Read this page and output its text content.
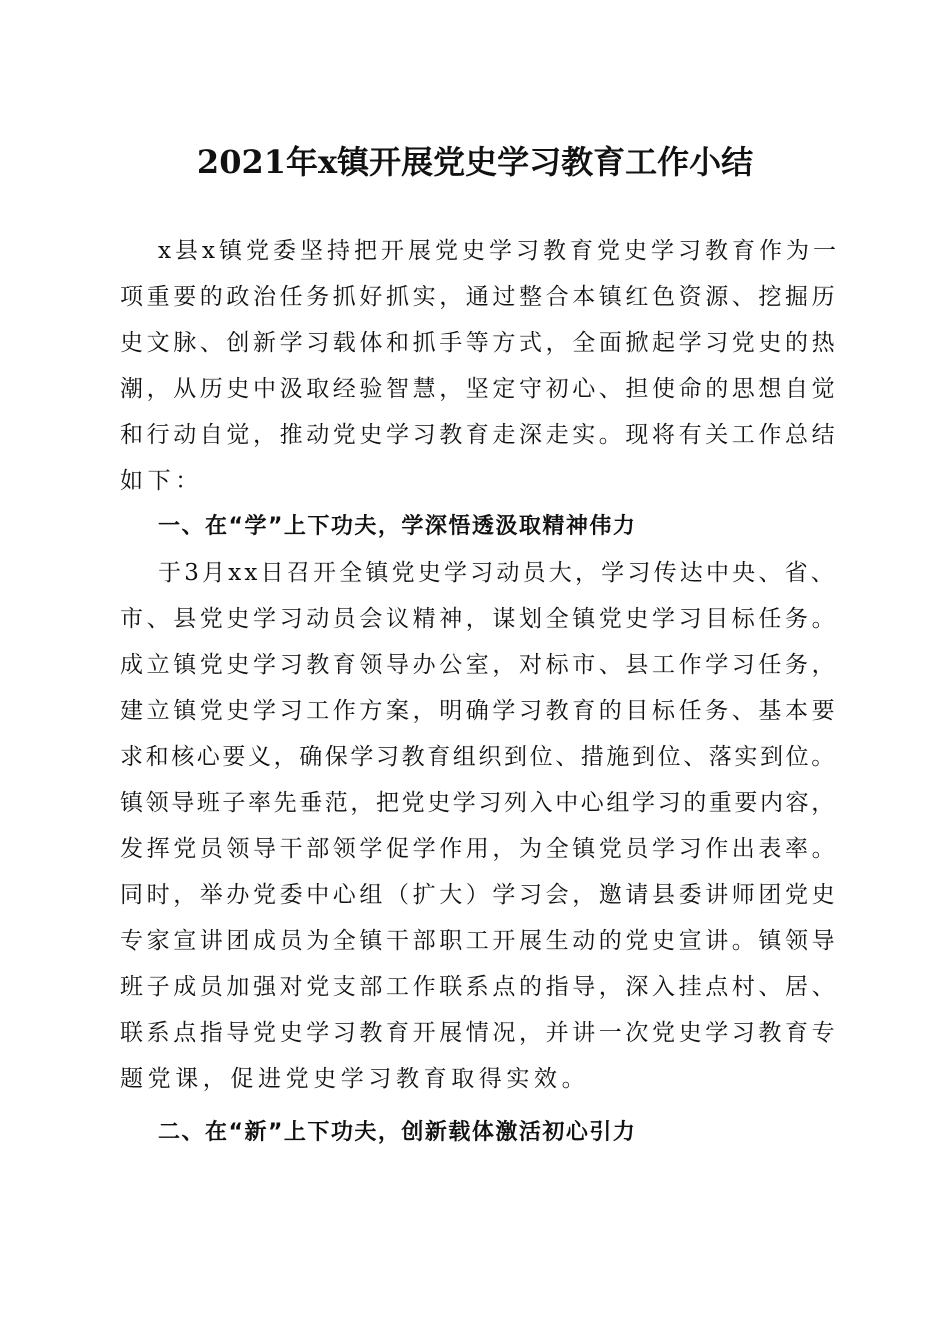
2021年x镇开展党史学习教育工作小结
x县x镇党委坚持把开展党史学习教育党史学习教育作为一
项重要的政治任务抓好抓实，通过整合本镇红色资源、挖掘历
史文脉、创新学习载体和抓手等方式，全面掀起学习党史的热
潮，从历史中汲取经验智慧，坚定守初心、担使命的思想自觉
和行动自觉，推动党史学习教育走深走实。现将有关工作总结
如下：
一、在“学”上下功夫，学深悟透汲取精神伟力
于3月xx日召开全镇党史学习动员大，学习传达中央、省、
市、县党史学习动员会议精神，谋划全镇党史学习目标任务。
成立镇党史学习教育领导办公室，对标市、县工作学习任务，
建立镇党史学习工作方案，明确学习教育的目标任务、基本要
求和核心要义，确保学习教育组织到位、措施到位、落实到位。
镇领导班子率先垂范，把党史学习列入中心组学习的重要内容，
发挥党员领导干部领学促学作用，为全镇党员学习作出表率。
同时，举办党委中心组（扩大）学习会，邀请县委讲师团党史
专家宣讲团成员为全镇干部职工开展生动的党史宣讲。镇领导
班子成员加强对党支部工作联系点的指导，深入挂点村、居、
联系点指导党史学习教育开展情况，并讲一次党史学习教育专
题党课，促进党史学习教育取得实效。
二、在“新”上下功夫，创新载体激活初心引力
